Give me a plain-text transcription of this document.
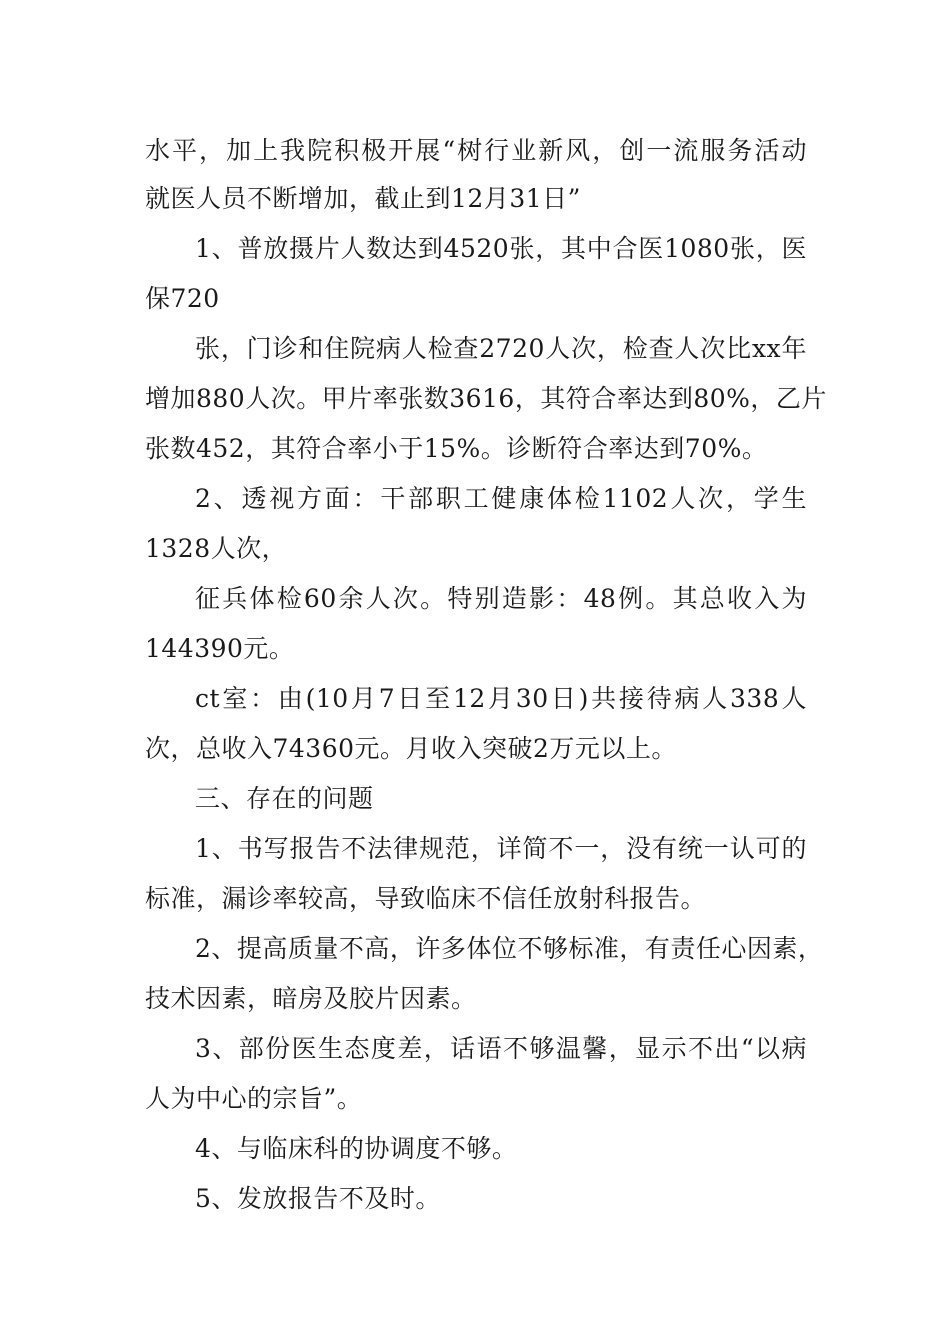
水平，加上我院积极开展“树行业新风，创一流服务活动
就医人员不断增加，截止到12月31日”
1、普放摄片人数达到4520张，其中合医1080张，医
保720
张，门诊和住院病人检查2720人次，检查人次比xx年
增加880人次。甲片率张数3616，其符合率达到80%，乙片
张数452，其符合率小于15%。诊断符合率达到70%。
2、透视方面：干部职工健康体检1102人次，学生
1328人次，
征兵体检60余人次。特别造影：48例。其总收入为
144390元。
ct室：由(10月7日至12月30日)共接待病人338人
次，总收入74360元。月收入突破2万元以上。
三、存在的问题
1、书写报告不法律规范，详简不一，没有统一认可的
标准，漏诊率较高，导致临床不信任放射科报告。
2、提高质量不高，许多体位不够标准，有责任心因素，
技术因素，暗房及胶片因素。
3、部份医生态度差，话语不够温馨，显示不出“以病
人为中心的宗旨”。
4、与临床科的协调度不够。
5、发放报告不及时。
